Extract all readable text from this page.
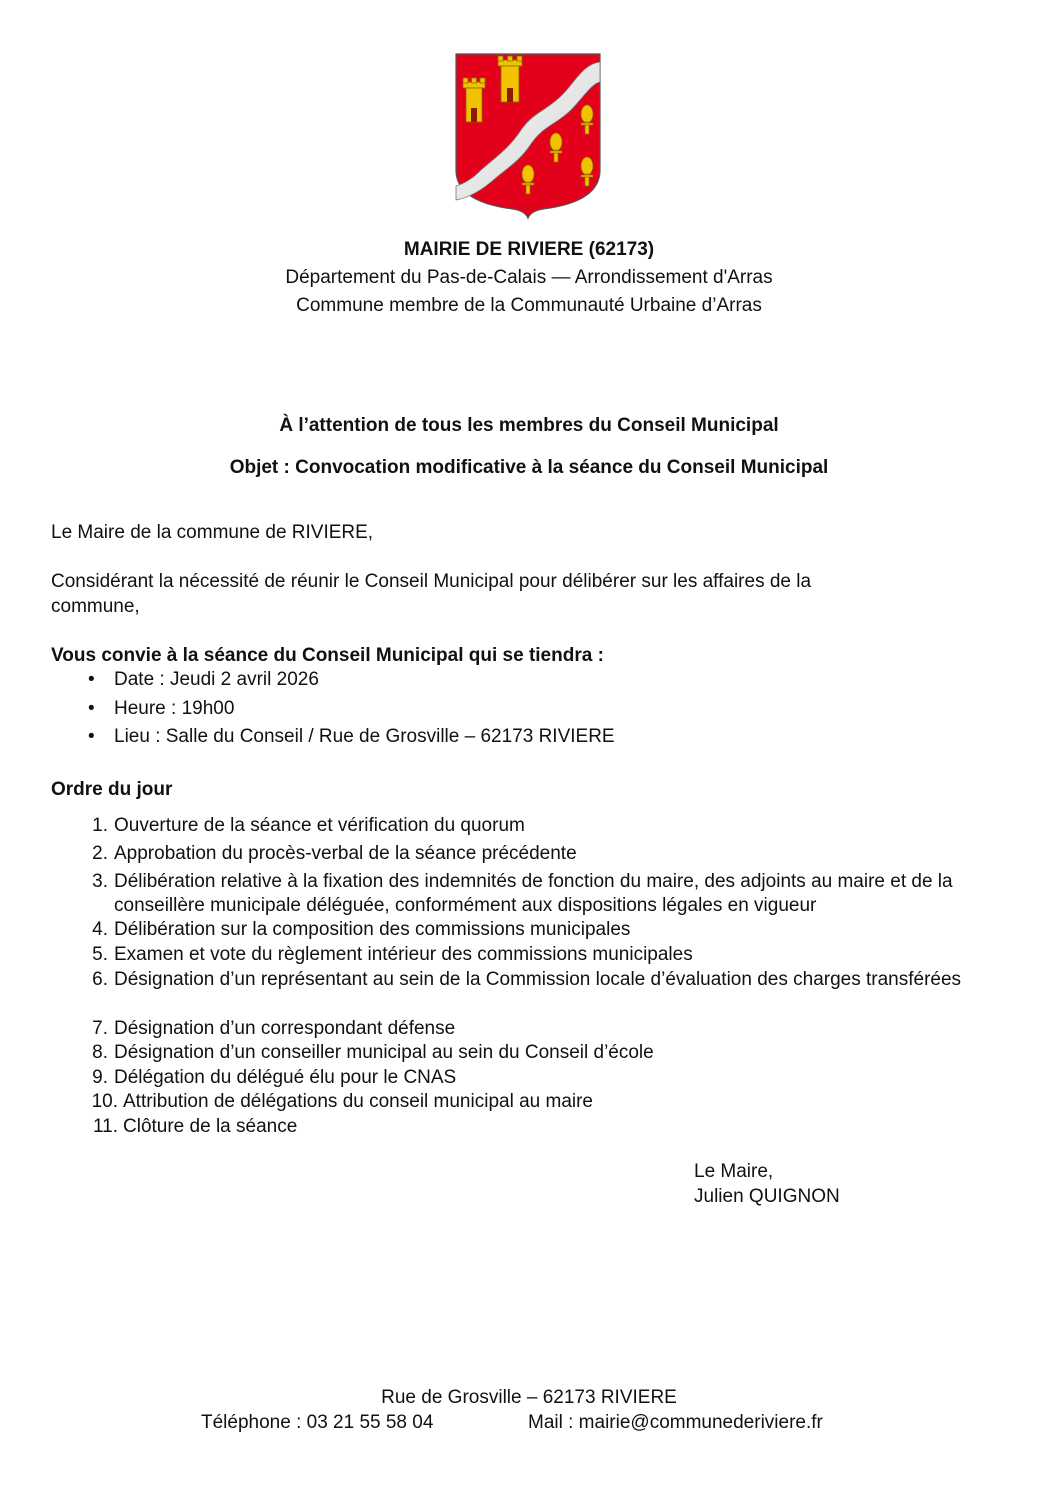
MAIRIE DE RIVIERE (62173)
Département du Pas-de-Calais — Arrondissement d'Arras
Commune membre de la Communauté Urbaine d’Arras
À l’attention de tous les membres du Conseil Municipal
Objet : Convocation modificative à la séance du Conseil Municipal
Le Maire de la commune de RIVIERE,
Considérant la nécessité de réunir le Conseil Municipal pour délibérer sur les affaires de la
commune,
Vous convie à la séance du Conseil Municipal qui se tiendra :
• Date : Jeudi 2 avril 2026
• Heure : 19h00
• Lieu : Salle du Conseil / Rue de Grosville – 62173 RIVIERE
Ordre du jour
1. Ouverture de la séance et vérification du quorum
2. Approbation du procès-verbal de la séance précédente
3. Délibération relative à la fixation des indemnités de fonction du maire, des adjoints au maire et de la conseillère municipale déléguée, conformément aux dispositions légales en vigueur
4. Délibération sur la composition des commissions municipales
5. Examen et vote du règlement intérieur des commissions municipales
6. Désignation d’un représentant au sein de la Commission locale d’évaluation des charges transférées
7. Désignation d’un correspondant défense
8. Désignation d’un conseiller municipal au sein du Conseil d’école
9. Délégation du délégué élu pour le CNAS
10. Attribution de délégations du conseil municipal au maire
11. Clôture de la séance
Le Maire,
Julien QUIGNON
Rue de Grosville – 62173 RIVIERE
Téléphone : 03 21 55 58 04	Mail : mairie@communederiviere.fr
